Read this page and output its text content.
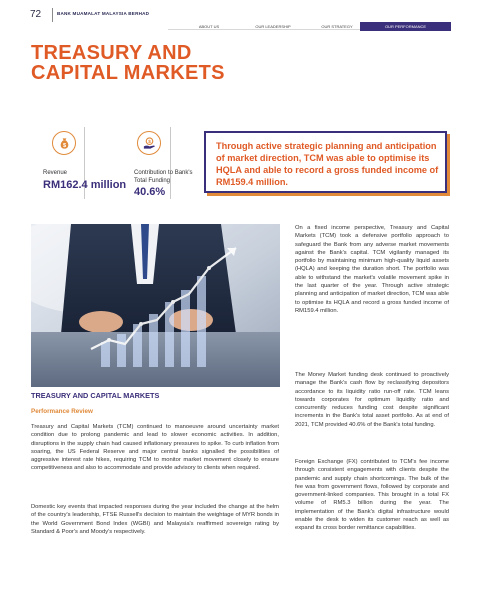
72	BANK MUAMALAT MALAYSIA BERHAD
ABOUT US	OUR LEADERSHIP	OUR STRATEGY	OUR PERFORMANCE
TREASURY AND
CAPITAL MARKETS
$
Revenue
RM162.4 million
$
Contribution to Bank's Total Funding
40.6%
Through active strategic planning and anticipation of market direction, TCM was able to optimise its HQLA and able to record a gross funded income of RM159.4 million.
TREASURY AND CAPITAL MARKETS
Performance Review

Treasury and Capital Markets (TCM) continued to manoeuvre around uncertainty market condition due to prolong pandemic and lead to slower economic activities. In addition, disruptions in the supply chain had caused inflationary pressures to spike. To curb inflation from soaring, the US Federal Reserve and major central banks signalled the possibilities of aggressive interest rate hikes, requiring TCM to monitor market movement closely to ensure competitiveness and also to accommodate and provide advisory to clients when required.

Domestic key events that impacted responses during the year included the change at the helm of the country's leadership, FTSE Russell's decision to maintain the weightage of MYR bonds in the World Government Bond Index (WGBI) and Malaysia's reaffirmed sovereign rating by Standard & Poor's and Moody's respectively.

On a fixed income perspective, Treasury and Capital Markets (TCM) took a defensive portfolio approach to safeguard the Bank from any adverse market movements against the Bank's capital. TCM vigilantly managed its portfolio by maintaining minimum high-quality liquid assets (HQLA) and keeping the duration short. The portfolio was able to withstand the market's volatile movement spike in the last quarter of the year. Through active strategic planning and anticipation of market direction, TCM was able to optimise its HQLA and record a gross funded income of RM159.4 million.

The Money Market funding desk continued to proactively manage the Bank's cash flow by reclassifying depositors accordance to its liquidity ratio run-off rate. TCM leans towards corporates for optimum liquidity ratio and concurrently reduces funding cost despite significant increments in the Bank's total asset portfolio. As at end of 2021, TCM provided 40.6% of the Bank's total funding.

Foreign Exchange (FX) contributed to TCM's fee income through consistent engagements with clients despite the pandemic and supply chain shortcomings. The bulk of the fee was from government flows, followed by corporate and government-linked companies. This brought in a total FX volume of RM5.3 billion during the year. The implementation of the Bank's digital infrastructure would enable the desk to widen its customer reach as well as expand its cross border remittance capabilities.
